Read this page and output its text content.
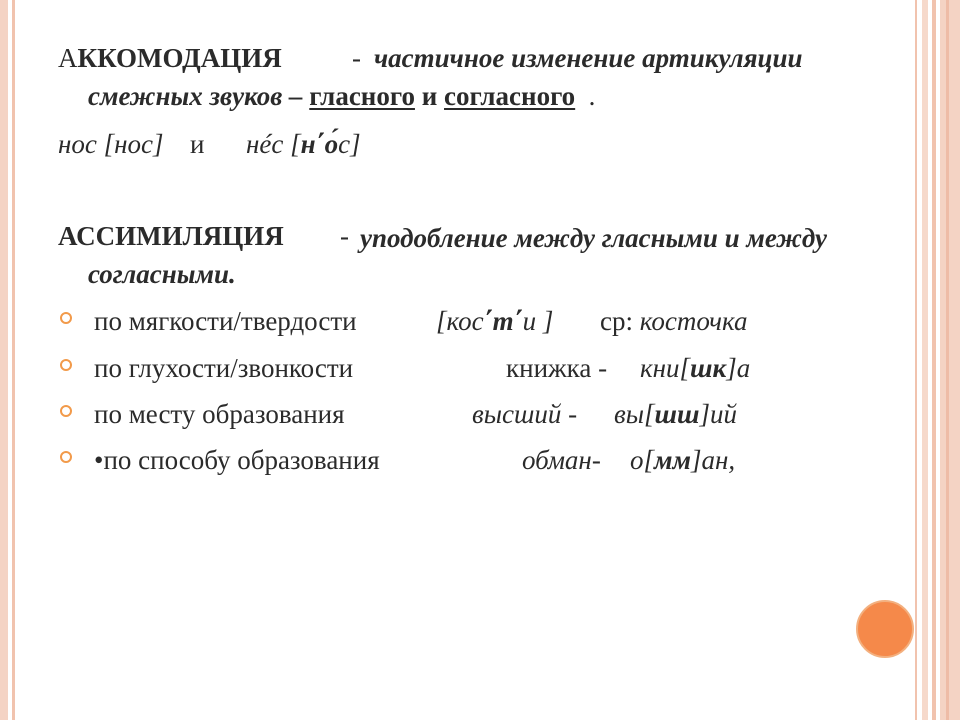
АККОМОДАЦИЯ	- частичное изменение артикуляции
смежных звуков – гласного и согласного .
нос [нос] и нéс [н΄о́с]
АССИМИЛЯЦИЯ - уподобление между гласными и между
согласными.
по мягкости/твердости	[кос΄т΄и ] ср: косточка
по глухости/звонкости	книжка - кни[шк]а
по месту образования	высший - вы[шш]ий
•по способу образования	обман- о[мм]ан,
